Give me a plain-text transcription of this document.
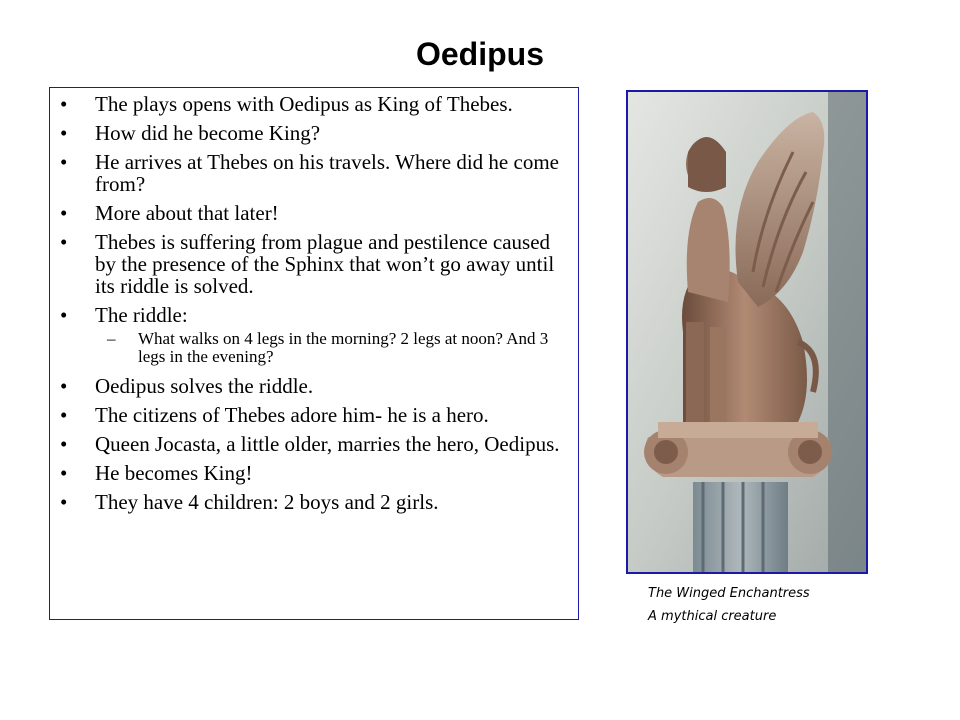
Oedipus
• The plays opens with Oedipus as King of Thebes.
• How did he become King?
• He arrives at Thebes on his travels. Where did he come from?
• More about that later!
• Thebes is suffering from plague and pestilence caused by the presence of the Sphinx that won’t go away until its riddle is solved.
• The riddle:
– What walks on 4 legs in the morning? 2 legs at noon? And 3 legs in the evening?
• Oedipus solves the riddle.
• The citizens of Thebes adore him- he is a hero.
• Queen Jocasta, a little older, marries the hero, Oedipus.
• He becomes King!
• They have 4 children: 2 boys and 2 girls.
The Winged Enchantress
A mythical creature
